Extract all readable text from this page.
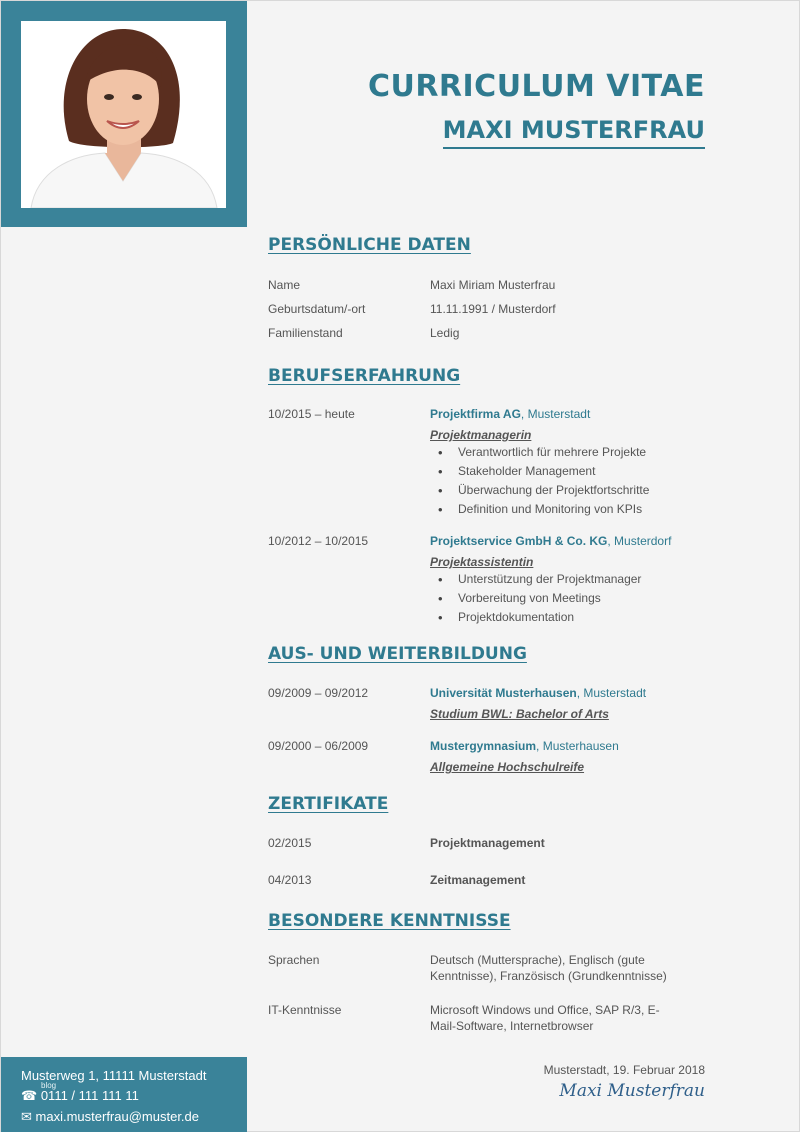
CURRICULUM VITAE
MAXI MUSTERFRAU
PERSÖNLICHE DATEN
Name	Maxi Miriam Musterfrau
Geburtsdatum/-ort	11.11.1991 / Musterdorf
Familienstand	Ledig
BERUFSERFAHRUNG
10/2015 – heute	Projektfirma AG, Musterstadt
Projektmanagerin
• Verantwortlich für mehrere Projekte
• Stakeholder Management
• Überwachung der Projektfortschritte
• Definition und Monitoring von KPIs
10/2012 – 10/2015	Projektservice GmbH & Co. KG, Musterdorf
Projektassistentin
• Unterstützung der Projektmanager
• Vorbereitung von Meetings
• Projektdokumentation
AUS- UND WEITERBILDUNG
09/2009 – 09/2012	Universität Musterhausen, Musterstadt
Studium BWL: Bachelor of Arts
09/2000 – 06/2009	Mustergymnasium, Musterhausen
Allgemeine Hochschulreife
ZERTIFIKATE
02/2015	Projektmanagement
04/2013	Zeitmanagement
BESONDERE KENNTNISSE
Sprachen	Deutsch (Muttersprache), Englisch (gute Kenntnisse), Französisch (Grundkenntnisse)
IT-Kenntnisse	Microsoft Windows und Office, SAP R/3, E-Mail-Software, Internetbrowser
Musterweg 1, 11111 Musterstadt
blog
☎ 0111 / 111 111 11
✉ maxi.musterfrau@muster.de
Musterstadt, 19. Februar 2018
Maxi Musterfrau
